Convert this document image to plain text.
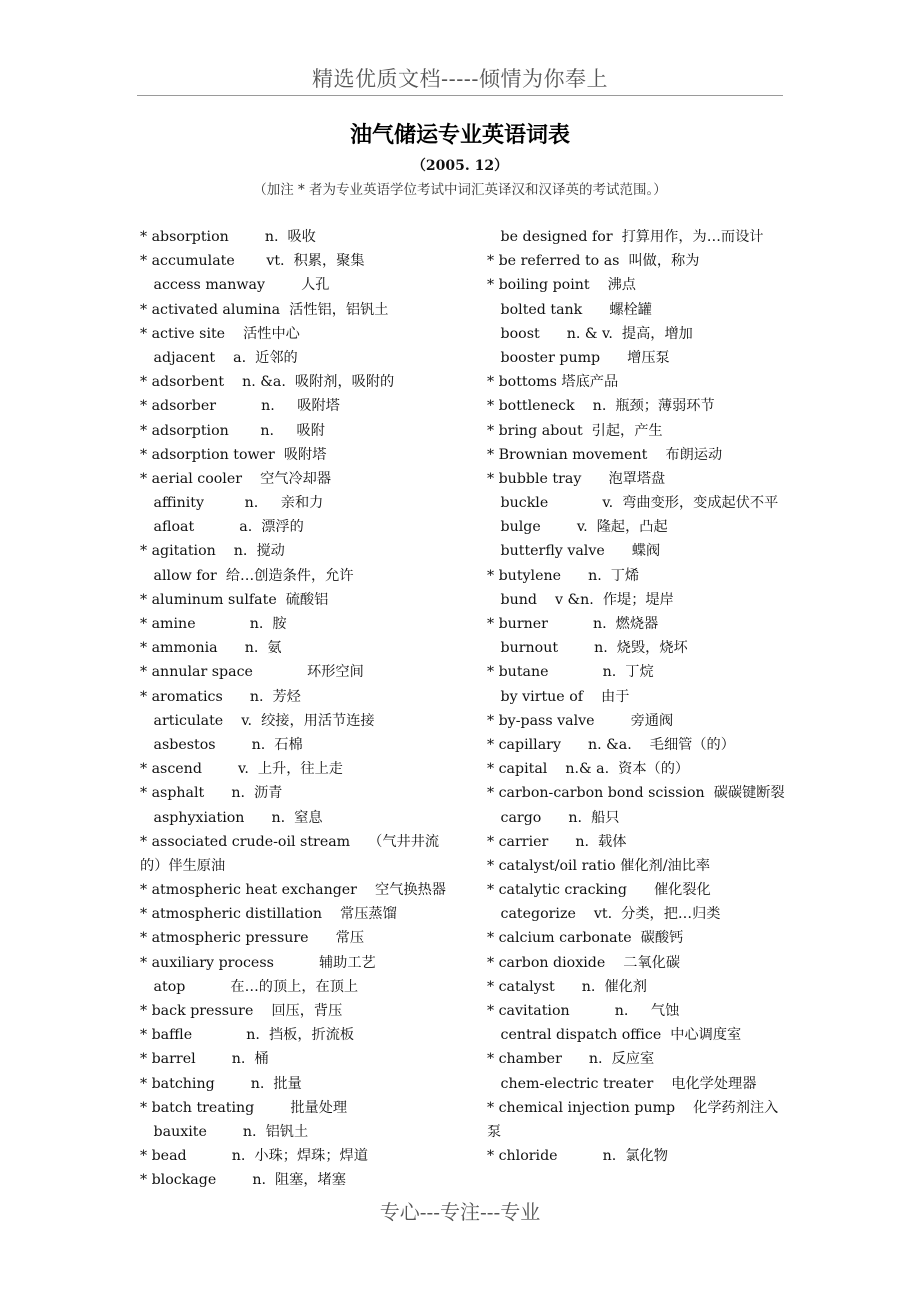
精选优质文档-----倾情为你奉上
油气储运专业英语词表
（2005. 12）
（加注 * 者为专业英语学位考试中词汇英译汉和汉译英的考试范围。）
* absorption        n.  吸收
* accumulate       vt.  积累，聚集
access manway        人孔
* activated alumina  活性铝，铝钒土
* active site    活性中心
adjacent    a.  近邻的
* adsorbent    n. &a.  吸附剂，吸附的
* adsorber          n.     吸附塔
* adsorption       n.     吸附
* adsorption tower  吸附塔
* aerial cooler    空气冷却器
affinity         n.     亲和力
afloat          a.  漂浮的
* agitation    n.  搅动
allow for  给…创造条件，允许
* aluminum sulfate  硫酸铝
* amine            n.  胺
* ammonia      n.  氨
* annular space            环形空间
* aromatics      n.  芳烃
articulate    v.  绞接，用活节连接
asbestos        n.  石棉
* ascend        v.  上升，往上走
* asphalt      n.  沥青
asphyxiation      n.  窒息
* associated crude-oil stream    （气井井流的）伴生原油
* atmospheric heat exchanger    空气换热器
* atmospheric distillation    常压蒸馏
* atmospheric pressure      常压
* auxiliary process          辅助工艺
atop          在…的顶上，在顶上
* back pressure    回压，背压
* baffle            n.  挡板，折流板
* barrel        n.  桶
* batching        n.  批量
* batch treating        批量处理
bauxite        n.  铝钒土
* bead          n.  小珠；焊珠；焊道
* blockage        n.  阻塞，堵塞
be designed for  打算用作，为…而设计
* be referred to as  叫做，称为
* boiling point    沸点
bolted tank      螺栓罐
boost      n. & v.  提高，增加
booster pump      增压泵
* bottoms 塔底产品
* bottleneck    n.  瓶颈；薄弱环节
* bring about  引起，产生
* Brownian movement    布朗运动
* bubble tray      泡罩塔盘
buckle            v.  弯曲变形，变成起伏不平
bulge        v.  隆起，凸起
butterfly valve      蝶阀
* butylene      n.  丁烯
bund    v &n.  作堤；堤岸
* burner          n.  燃烧器
burnout        n.  烧毁，烧坏
* butane            n.  丁烷
by virtue of    由于
* by-pass valve        旁通阀
* capillary      n. &a.    毛细管（的）
* capital    n.& a.  资本（的）
* carbon-carbon bond scission  碳碳键断裂
cargo      n.  船只
* carrier      n.  载体
* catalyst/oil ratio 催化剂/油比率
* catalytic cracking      催化裂化
categorize    vt.  分类，把…归类
* calcium carbonate  碳酸钙
* carbon dioxide    二氧化碳
* catalyst      n.  催化剂
* cavitation          n.     气蚀
central dispatch office  中心调度室
* chamber      n.  反应室
chem-electric treater    电化学处理器
* chemical injection pump    化学药剂注入泵
* chloride          n.  氯化物
专心---专注---专业
